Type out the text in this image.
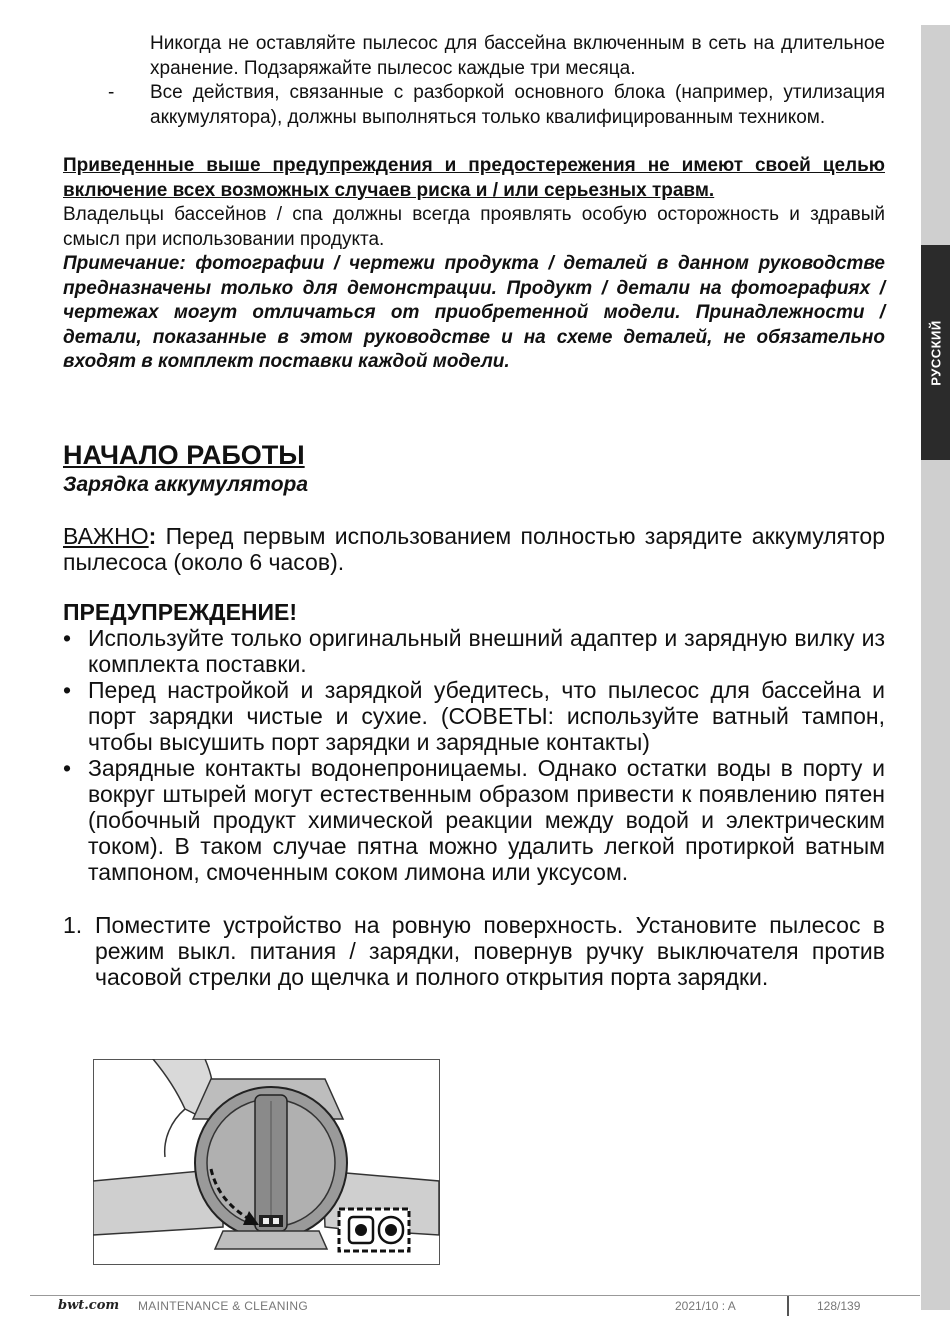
РУССКИЙ

Никогда не оставляйте пылесос для бассейна включенным в сеть на длительное хранение. Подзаряжайте пылесос каждые три месяца.

-	Все действия, связанные с разборкой основного блока (например, утилизация аккумулятора), должны выполняться только квалифицированным техником.

Приведенные выше предупреждения и предостережения не имеют своей целью включение всех возможных случаев риска и / или серьезных травм.

Владельцы бассейнов / спа должны всегда проявлять особую осторожность и здравый смысл при использовании продукта.

Примечание: фотографии / чертежи продукта / деталей в данном руководстве предназначены только для демонстрации. Продукт / детали на фотографиях / чертежах могут отличаться от приобретенной модели. Принадлежности / детали, показанные в этом руководстве и на схеме деталей, не обязательно входят в комплект поставки каждой модели.

НАЧАЛО РАБОТЫ

Зарядка аккумулятора

ВАЖНО: Перед первым использованием полностью зарядите аккумулятор пылесоса (около 6 часов).

ПРЕДУПРЕЖДЕНИЕ!

• Используйте только оригинальный внешний адаптер и зарядную вилку из комплекта поставки.
• Перед настройкой и зарядкой убедитесь, что пылесос для бассейна и порт зарядки чистые и сухие. (СОВЕТЫ: используйте ватный тампон, чтобы высушить порт зарядки и зарядные контакты)
• Зарядные контакты водонепроницаемы. Однако остатки воды в порту и вокруг штырей могут естественным образом привести к появлению пятен (побочный продукт химической реакции между водой и электрическим током). В таком случае пятна можно удалить легкой протиркой ватным тампоном, смоченным соком лимона или уксусом.
1. Поместите устройство на ровную поверхность. Установите пылесос в режим выкл. питания / зарядки, повернув ручку выключателя против часовой стрелки до щелчка и полного открытия порта зарядки.
bwt.com MAINTENANCE & CLEANING	2021/10 : A	128/139
